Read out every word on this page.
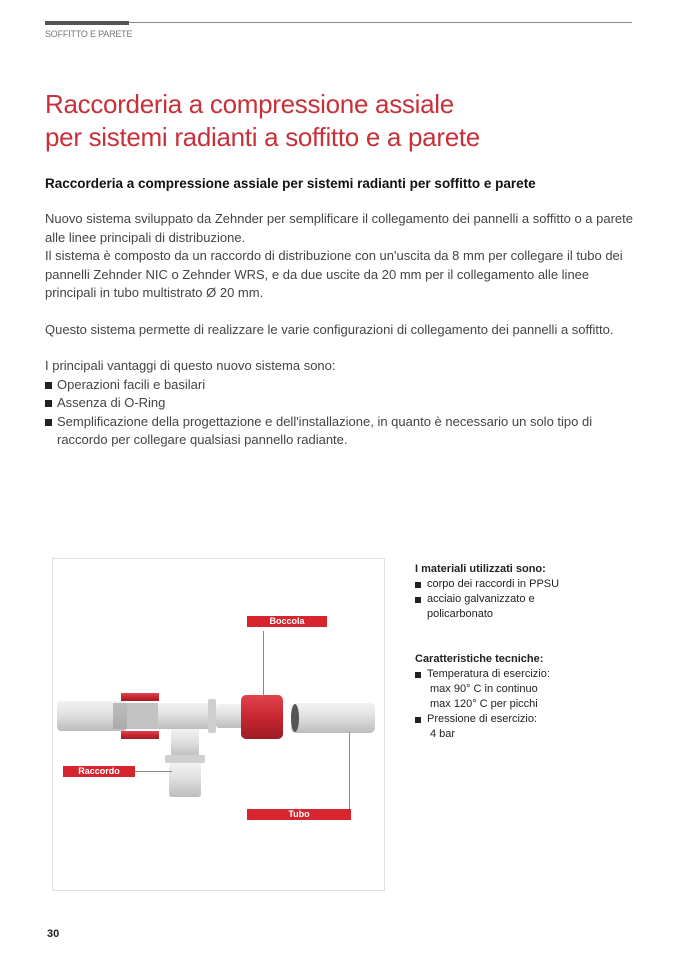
SOFFITTO E PARETE
Raccorderia a compressione assiale
per sistemi radianti a soffitto e a parete
Raccorderia a compressione assiale per sistemi radianti per soffitto e parete

Nuovo sistema sviluppato da Zehnder per semplificare il collegamento dei pannelli a soffitto o a parete alle linee principali di distribuzione.

Il sistema è composto da un raccordo di distribuzione con un'uscita da 8 mm per collegare il tubo dei pannelli Zehnder NIC o Zehnder WRS, e da due uscite da 20 mm per il collegamento alle linee principali in tubo multistrato Ø 20 mm.

Questo sistema permette di realizzare le varie configurazioni di collegamento dei pannelli a soffitto.

I principali vantaggi di questo nuovo sistema sono:

Operazioni facili e basilari
Assenza di O-Ring
Semplificazione della progettazione e dell'installazione, in quanto è necessario un solo tipo di raccordo per collegare qualsiasi pannello radiante.
Boccola
Raccordo
Tubo
I materiali utilizzati sono:
corpo dei raccordi in PPSU
acciaio galvanizzato e policarbonato
Caratteristiche tecniche:
Temperatura di esercizio:
max 90° C in continuo
max 120° C per picchi
Pressione di esercizio:
4 bar
30
